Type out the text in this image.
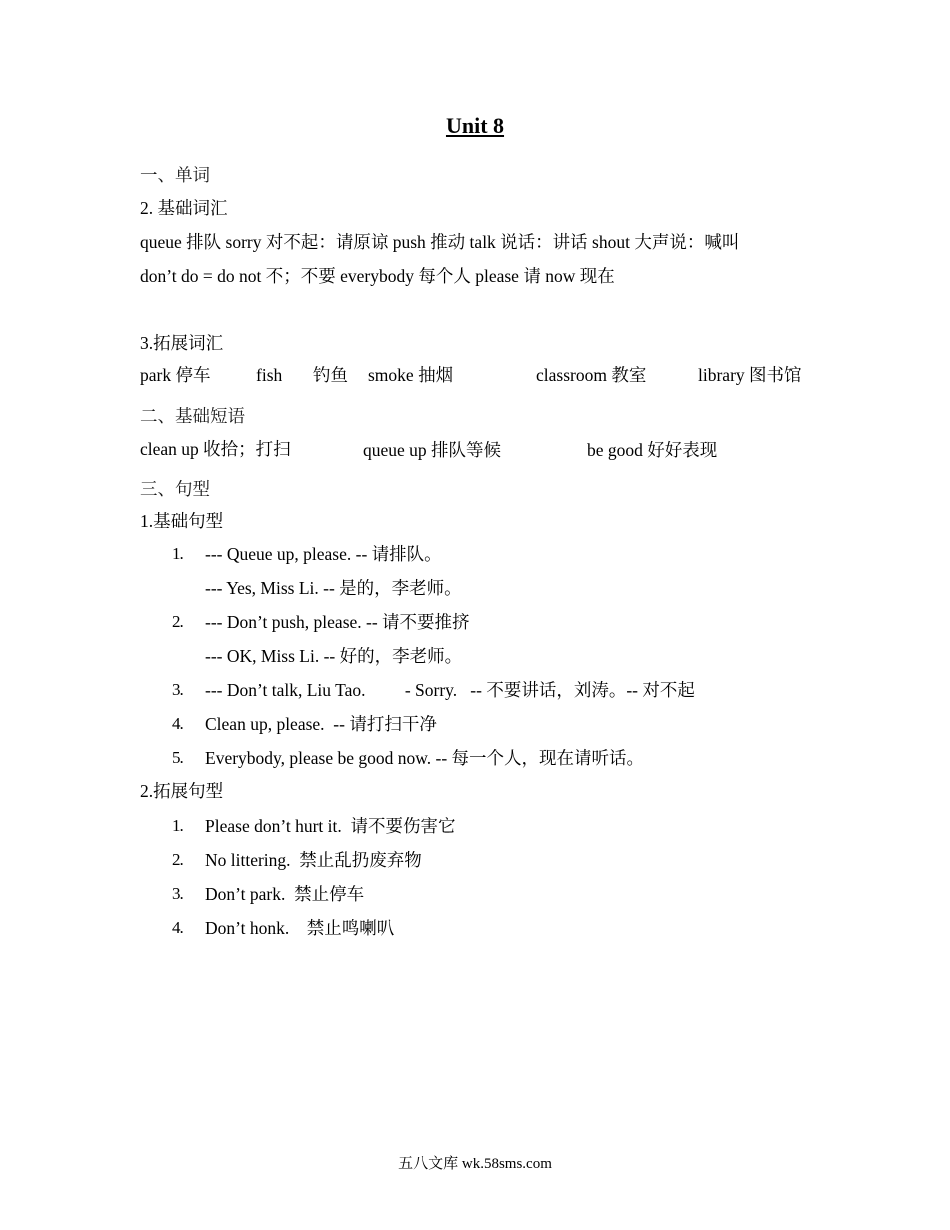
Unit 8
一、单词
2. 基础词汇
queue 排队 sorry 对不起：请原谅 push 推动 talk 说话：讲话 shout 大声说：喊叫
don’t do = do not 不；不要 everybody 每个人 please 请 now 现在
3.拓展词汇
park 停车	fish 钓鱼 smoke 抽烟	classroom 教室	library 图书馆
二、基础短语
clean up 收拾；打扫	queue up 排队等候	be good 好好表现
三、句型
1.基础句型
1. --- Queue up, please. -- 请排队。
--- Yes, Miss Li. -- 是的，李老师。
2. --- Don’t push, please. -- 请不要推挤
--- OK, Miss Li. -- 好的，李老师。
3. --- Don’t talk, Liu Tao.         - Sorry.   -- 不要讲话，刘涛。-- 对不起
4. Clean up, please.  -- 请打扫干净
5. Everybody, please be good now. -- 每一个人，现在请听话。
2.拓展句型
1. Please don’t hurt it.  请不要伤害它
2. No littering.  禁止乱扔废弃物
3. Don’t park.  禁止停车
4. Don’t honk.    禁止鸣喇叭
五八文库 wk.58sms.com
